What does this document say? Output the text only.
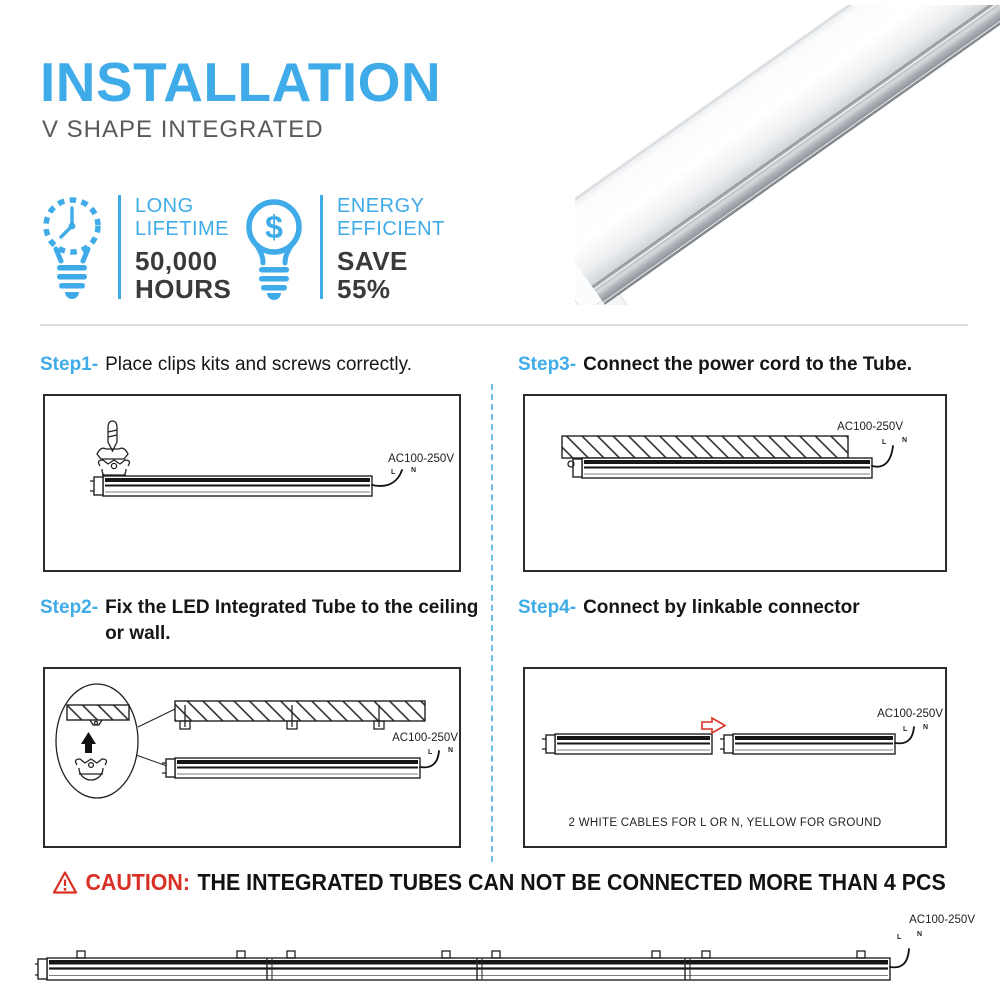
INSTALLATION
V SHAPE INTEGRATED
LONG
LIFETIME
50,000
HOURS
$
ENERGY
EFFICIENT
SAVE
55%
Step1- Place clips kits and screws correctly.
AC100-250V
L N
Step3- Connect the power cord to the Tube.
AC100-250V
L N
Step2- Fix the LED Integrated Tube to the ceiling or wall.
AC100-250V
L N
Step4- Connect by linkable connector
AC100-250V
L N
2 WHITE CABLES FOR L OR N, YELLOW FOR GROUND
CAUTION: THE INTEGRATED TUBES CAN NOT BE CONNECTED MORE THAN 4 PCS
AC100-250V
L N
